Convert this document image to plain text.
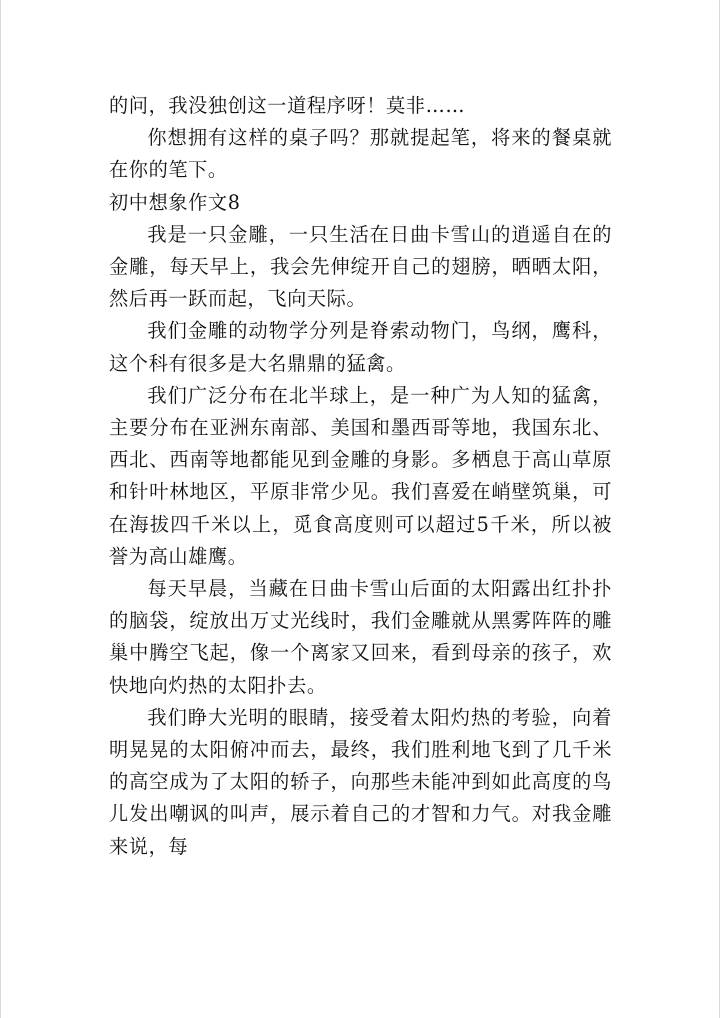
的问，我没独创这一道程序呀！莫非……

你想拥有这样的桌子吗？那就提起笔，将来的餐桌就在你的笔下。

初中想象作文8

我是一只金雕，一只生活在日曲卡雪山的逍遥自在的金雕，每天早上，我会先伸绽开自己的翅膀，晒晒太阳，然后再一跃而起，飞向天际。

我们金雕的动物学分列是脊索动物门，鸟纲，鹰科，这个科有很多是大名鼎鼎的猛禽。

我们广泛分布在北半球上，是一种广为人知的猛禽，主要分布在亚洲东南部、美国和墨西哥等地，我国东北、西北、西南等地都能见到金雕的身影。多栖息于高山草原和针叶林地区，平原非常少见。我们喜爱在峭壁筑巢，可在海拔四千米以上，觅食高度则可以超过5千米，所以被誉为高山雄鹰。

每天早晨，当藏在日曲卡雪山后面的太阳露出红扑扑的脑袋，绽放出万丈光线时，我们金雕就从黑雾阵阵的雕巢中腾空飞起，像一个离家又回来，看到母亲的孩子，欢快地向灼热的太阳扑去。

我们睁大光明的眼睛，接受着太阳灼热的考验，向着明晃晃的太阳俯冲而去，最终，我们胜利地飞到了几千米的高空成为了太阳的轿子，向那些未能冲到如此高度的鸟儿发出嘲讽的叫声，展示着自己的才智和力气。对我金雕来说，每
